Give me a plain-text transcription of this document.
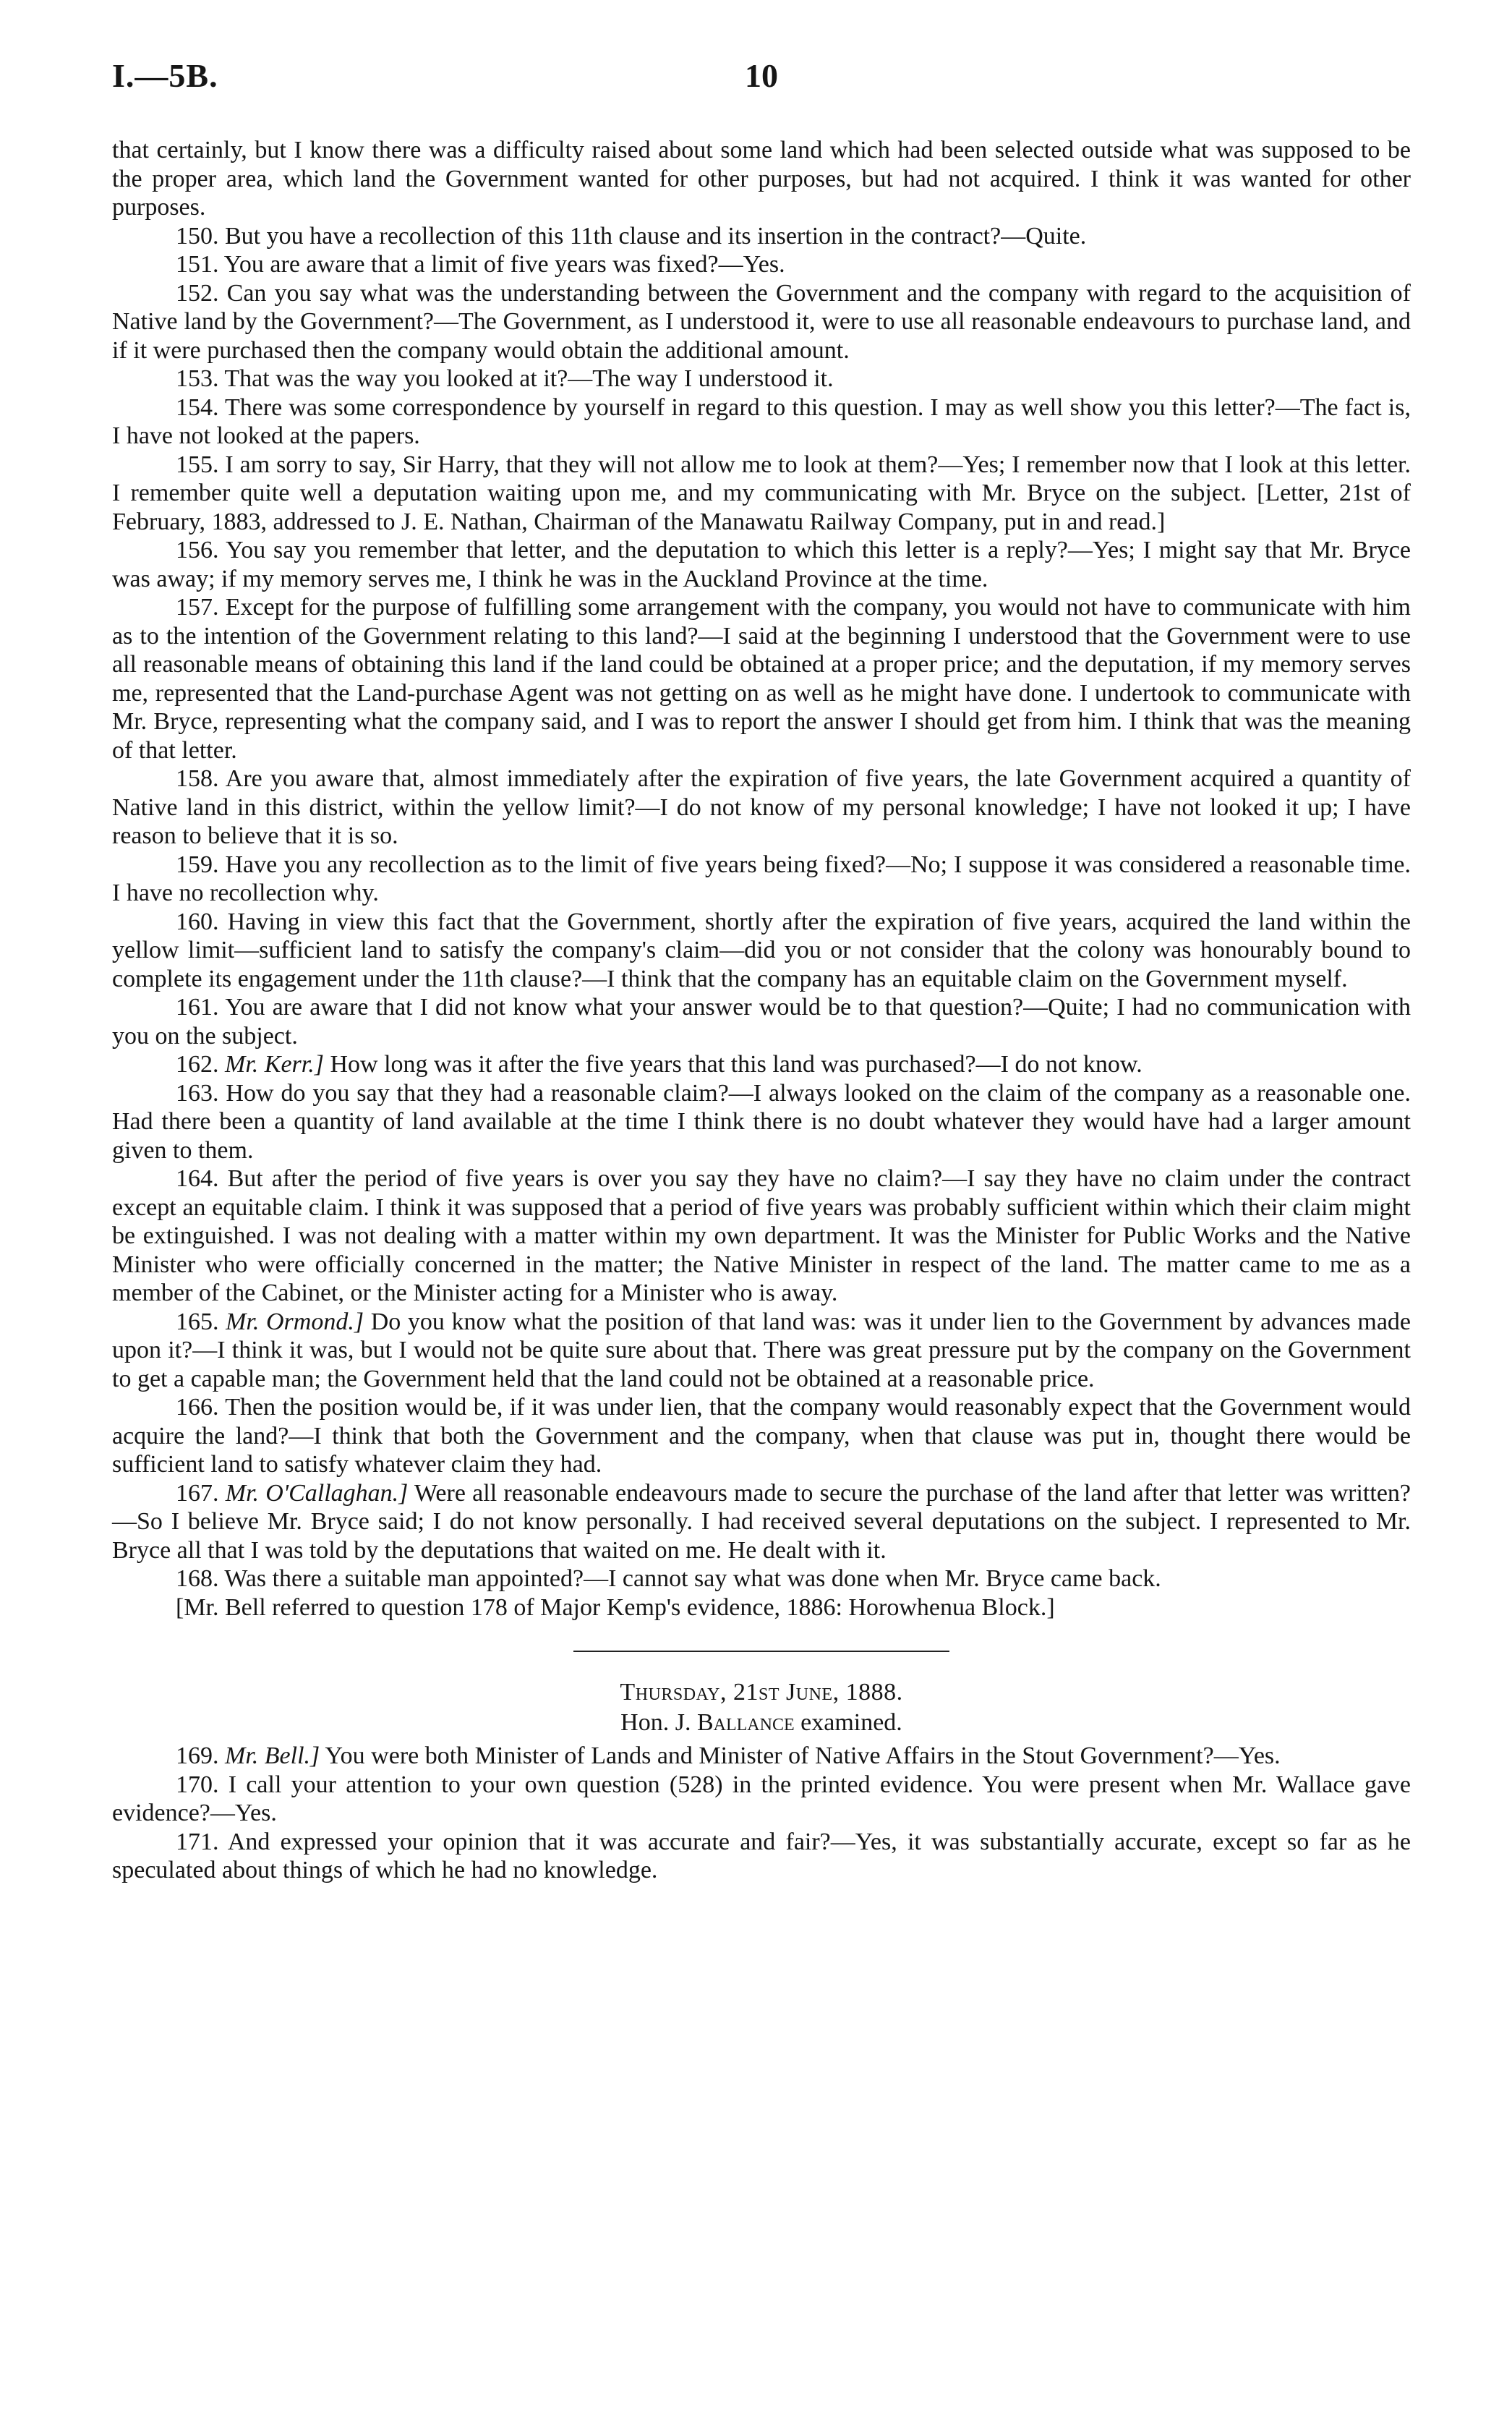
I.—5B.	10

that certainly, but I know there was a difficulty raised about some land which had been selected outside what was supposed to be the proper area, which land the Government wanted for other purposes, but had not acquired. I think it was wanted for other purposes.

150. But you have a recollection of this 11th clause and its insertion in the contract?—Quite.

151. You are aware that a limit of five years was fixed?—Yes.

152. Can you say what was the understanding between the Government and the company with regard to the acquisition of Native land by the Government?—The Government, as I understood it, were to use all reasonable endeavours to purchase land, and if it were purchased then the company would obtain the additional amount.

153. That was the way you looked at it?—The way I understood it.

154. There was some correspondence by yourself in regard to this question. I may as well show you this letter?—The fact is, I have not looked at the papers.

155. I am sorry to say, Sir Harry, that they will not allow me to look at them?—Yes; I remember now that I look at this letter. I remember quite well a deputation waiting upon me, and my communicating with Mr. Bryce on the subject. [Letter, 21st of February, 1883, addressed to J. E. Nathan, Chairman of the Manawatu Railway Company, put in and read.]

156. You say you remember that letter, and the deputation to which this letter is a reply?—Yes; I might say that Mr. Bryce was away; if my memory serves me, I think he was in the Auckland Province at the time.

157. Except for the purpose of fulfilling some arrangement with the company, you would not have to communicate with him as to the intention of the Government relating to this land?—I said at the beginning I understood that the Government were to use all reasonable means of obtaining this land if the land could be obtained at a proper price; and the deputation, if my memory serves me, represented that the Land-purchase Agent was not getting on as well as he might have done. I undertook to communicate with Mr. Bryce, representing what the company said, and I was to report the answer I should get from him. I think that was the meaning of that letter.

158. Are you aware that, almost immediately after the expiration of five years, the late Government acquired a quantity of Native land in this district, within the yellow limit?—I do not know of my personal knowledge; I have not looked it up; I have reason to believe that it is so.

159. Have you any recollection as to the limit of five years being fixed?—No; I suppose it was considered a reasonable time. I have no recollection why.

160. Having in view this fact that the Government, shortly after the expiration of five years, acquired the land within the yellow limit—sufficient land to satisfy the company's claim—did you or not consider that the colony was honourably bound to complete its engagement under the 11th clause?—I think that the company has an equitable claim on the Government myself.

161. You are aware that I did not know what your answer would be to that question?—Quite; I had no communication with you on the subject.

162. Mr. Kerr.] How long was it after the five years that this land was purchased?—I do not know.

163. How do you say that they had a reasonable claim?—I always looked on the claim of the company as a reasonable one. Had there been a quantity of land available at the time I think there is no doubt whatever they would have had a larger amount given to them.

164. But after the period of five years is over you say they have no claim?—I say they have no claim under the contract except an equitable claim. I think it was supposed that a period of five years was probably sufficient within which their claim might be extinguished. I was not dealing with a matter within my own department. It was the Minister for Public Works and the Native Minister who were officially concerned in the matter; the Native Minister in respect of the land. The matter came to me as a member of the Cabinet, or the Minister acting for a Minister who is away.

165. Mr. Ormond.] Do you know what the position of that land was: was it under lien to the Government by advances made upon it?—I think it was, but I would not be quite sure about that. There was great pressure put by the company on the Government to get a capable man; the Government held that the land could not be obtained at a reasonable price.

166. Then the position would be, if it was under lien, that the company would reasonably expect that the Government would acquire the land?—I think that both the Government and the company, when that clause was put in, thought there would be sufficient land to satisfy whatever claim they had.

167. Mr. O'Callaghan.] Were all reasonable endeavours made to secure the purchase of the land after that letter was written?—So I believe Mr. Bryce said; I do not know personally. I had received several deputations on the subject. I represented to Mr. Bryce all that I was told by the deputations that waited on me. He dealt with it.

168. Was there a suitable man appointed?—I cannot say what was done when Mr. Bryce came back.

[Mr. Bell referred to question 178 of Major Kemp's evidence, 1886: Horowhenua Block.]

Thursday, 21st June, 1888.
Hon. J. Ballance examined.

169. Mr. Bell.] You were both Minister of Lands and Minister of Native Affairs in the Stout Government?—Yes.

170. I call your attention to your own question (528) in the printed evidence. You were present when Mr. Wallace gave evidence?—Yes.

171. And expressed your opinion that it was accurate and fair?—Yes, it was substantially accurate, except so far as he speculated about things of which he had no knowledge.
